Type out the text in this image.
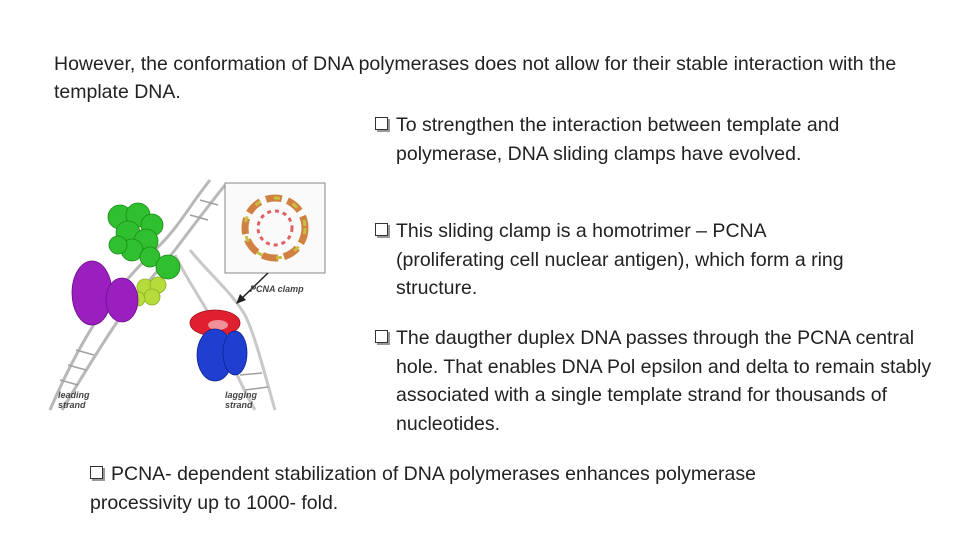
However, the conformation of DNA polymerases does not allow for their stable interaction with the template DNA.

To strengthen the interaction between template and polymerase, DNA sliding clamps have evolved.
This sliding clamp is a homotrimer – PCNA (proliferating cell nuclear antigen), which form a ring structure.
The daugther duplex DNA passes through the PCNA central hole. That enables DNA Pol epsilon and delta to remain stably associated with a single template strand for thousands of nucleotides.
PCNA- dependent stabilization of DNA polymerases enhances polymerase processivity up to 1000- fold.
PCNA clamp
leading
strand
lagging
strand
